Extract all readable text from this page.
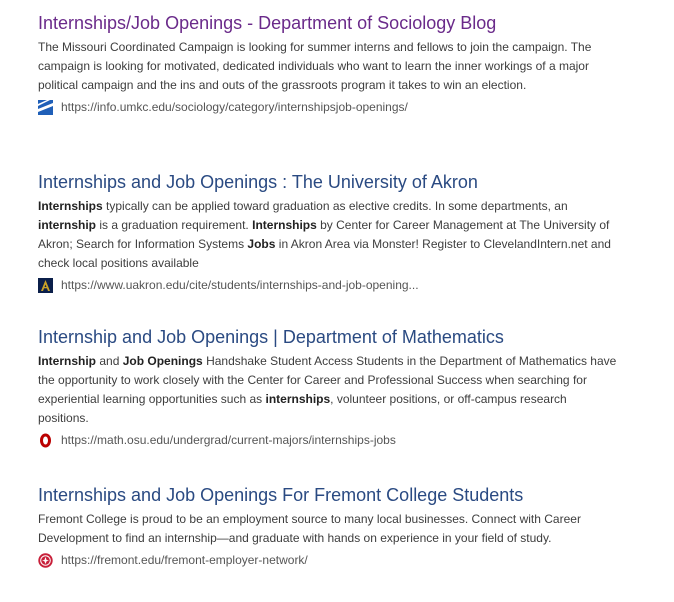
Internships/Job Openings - Department of Sociology Blog
The Missouri Coordinated Campaign is looking for summer interns and fellows to join the campaign. The campaign is looking for motivated, dedicated individuals who want to learn the inner workings of a major political campaign and the ins and outs of the grassroots program it takes to win an election.
https://info.umkc.edu/sociology/category/internshipsjob-openings/
Internships and Job Openings : The University of Akron
Internships typically can be applied toward graduation as elective credits. In some departments, an internship is a graduation requirement. Internships by Center for Career Management at The University of Akron; Search for Information Systems Jobs in Akron Area via Monster! Register to ClevelandIntern.net and check local positions available
https://www.uakron.edu/cite/students/internships-and-job-opening...
Internship and Job Openings | Department of Mathematics
Internship and Job Openings Handshake Student Access Students in the Department of Mathematics have the opportunity to work closely with the Center for Career and Professional Success when searching for experiential learning opportunities such as internships, volunteer positions, or off-campus research positions.
https://math.osu.edu/undergrad/current-majors/internships-jobs
Internships and Job Openings For Fremont College Students
Fremont College is proud to be an employment source to many local businesses. Connect with Career Development to find an internship—and graduate with hands on experience in your field of study.
https://fremont.edu/fremont-employer-network/
